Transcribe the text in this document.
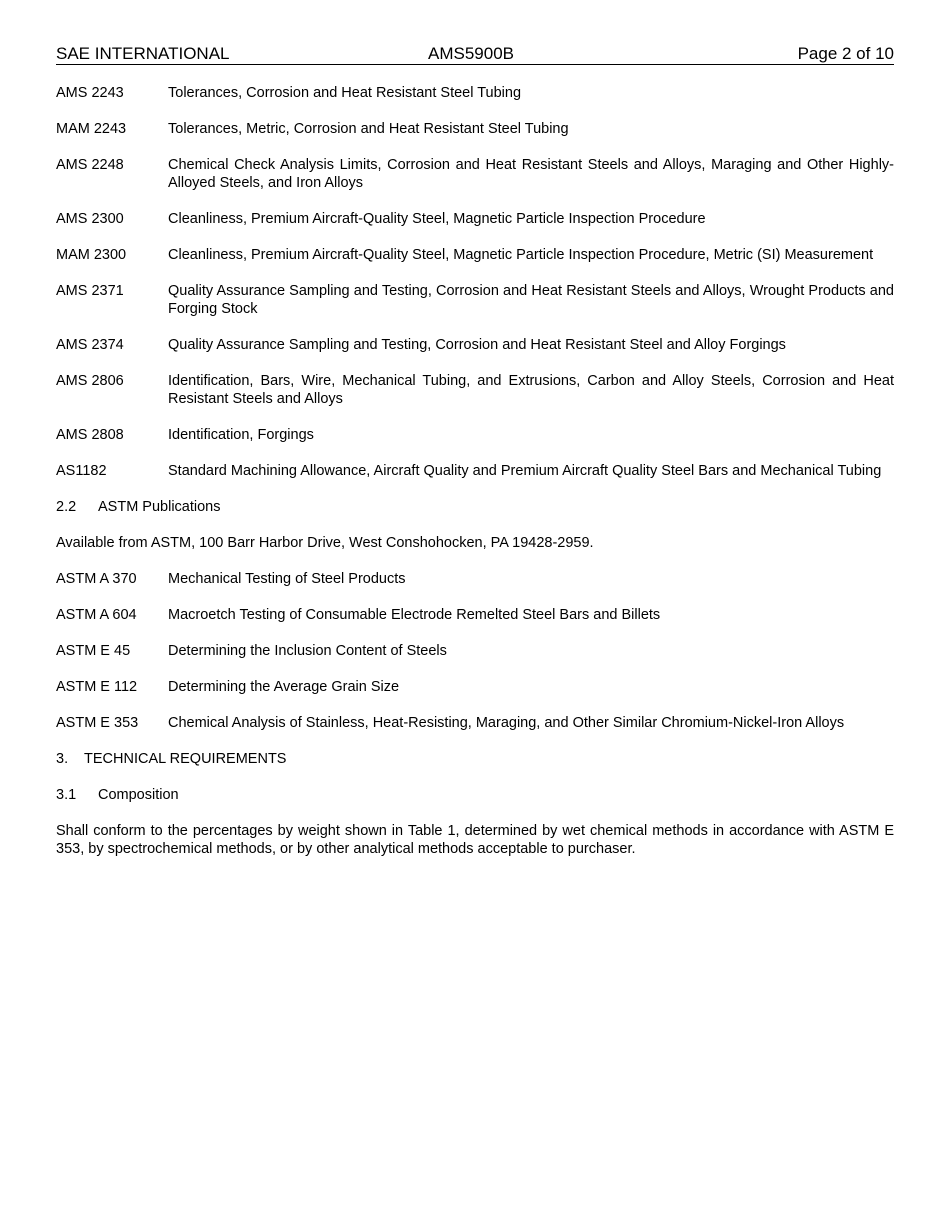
SAE INTERNATIONAL	AMS5900B	Page 2 of 10
AMS 2243	Tolerances, Corrosion and Heat Resistant Steel Tubing
MAM 2243	Tolerances, Metric, Corrosion and Heat Resistant Steel Tubing
AMS 2248	Chemical Check Analysis Limits, Corrosion and Heat Resistant Steels and Alloys, Maraging and Other Highly-Alloyed Steels, and Iron Alloys
AMS 2300	Cleanliness, Premium Aircraft-Quality Steel, Magnetic Particle Inspection Procedure
MAM 2300	Cleanliness, Premium Aircraft-Quality Steel, Magnetic Particle Inspection Procedure, Metric (SI) Measurement
AMS 2371	Quality Assurance Sampling and Testing, Corrosion and Heat Resistant Steels and Alloys, Wrought Products and Forging Stock
AMS 2374	Quality Assurance Sampling and Testing, Corrosion and Heat Resistant Steel and Alloy Forgings
AMS 2806	Identification, Bars, Wire, Mechanical Tubing, and Extrusions, Carbon and Alloy Steels, Corrosion and Heat Resistant Steels and Alloys
AMS 2808	Identification, Forgings
AS1182	Standard Machining Allowance, Aircraft Quality and Premium Aircraft Quality Steel Bars and Mechanical Tubing
2.2 ASTM Publications
Available from ASTM, 100 Barr Harbor Drive, West Conshohocken, PA 19428-2959.
ASTM A 370	Mechanical Testing of Steel Products
ASTM A 604	Macroetch Testing of Consumable Electrode Remelted Steel Bars and Billets
ASTM E 45	Determining the Inclusion Content of Steels
ASTM E 112	Determining the Average Grain Size
ASTM E 353	Chemical Analysis of Stainless, Heat-Resisting, Maraging, and Other Similar Chromium-Nickel-Iron Alloys
3. TECHNICAL REQUIREMENTS
3.1 Composition
Shall conform to the percentages by weight shown in Table 1, determined by wet chemical methods in accordance with ASTM E 353, by spectrochemical methods, or by other analytical methods acceptable to purchaser.
